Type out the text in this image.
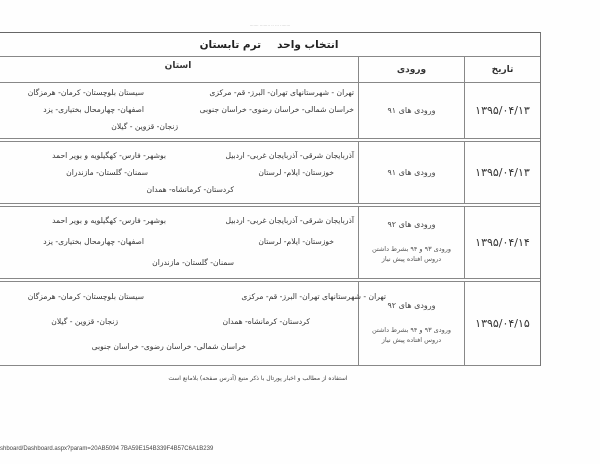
........ ... .. ........ .......
انتخاب واحد
ترم تابستان
تاریخ
ورودی
استان
۱۳۹۵/۰۴/۱۳
ورودی های ۹۱
تهران - شهرستانهای تهران- البرز- قم- مرکزی
سیستان بلوچستان- کرمان- هرمزگان
خراسان شمالی- خراسان رضوی- خراسان جنوبی
اصفهان- چهارمحال بختیاری- یزد
زنجان- قزوین - گیلان
۱۳۹۵/۰۴/۱۳
ورودی های ۹۱
آذربایجان شرقی- آذربایجان غربی- اردبیل
بوشهر- فارس- کهگیلویه و بویر احمد
خوزستان- ایلام- لرستان
سمنان- گلستان- مازندران
کردستان- کرمانشاه- همدان
۱۳۹۵/۰۴/۱۴
ورودی های ۹۲
ورودی ۹۳ و ۹۴ بشرط داشتن
دروس افتاده پیش نیاز
آذربایجان شرقی- آذربایجان غربی- اردبیل
بوشهر- فارس- کهگیلویه و بویر احمد
خوزستان- ایلام- لرستان
اصفهان- چهارمحال بختیاری- یزد
سمنان- گلستان- مازندران
۱۳۹۵/۰۴/۱۵
ورودی های ۹۲
ورودی ۹۳ و ۹۴ بشرط داشتن
دروس افتاده پیش نیاز
تهران - شهرستانهای تهران- البرز- قم- مرکزی
سیستان بلوچستان- کرمان- هرمزگان
کردستان- کرمانشاه- همدان
زنجان- قزوین - گیلان
خراسان شمالی- خراسان رضوی- خراسان جنوبی
استفاده از مطالب و اخبار پورتال با ذکر منبع (آدرس صفحه) بلامانع است
shboard/Dashboard.aspx?param=20AB5094 7BA59E154B339F4B57C6A1B239
